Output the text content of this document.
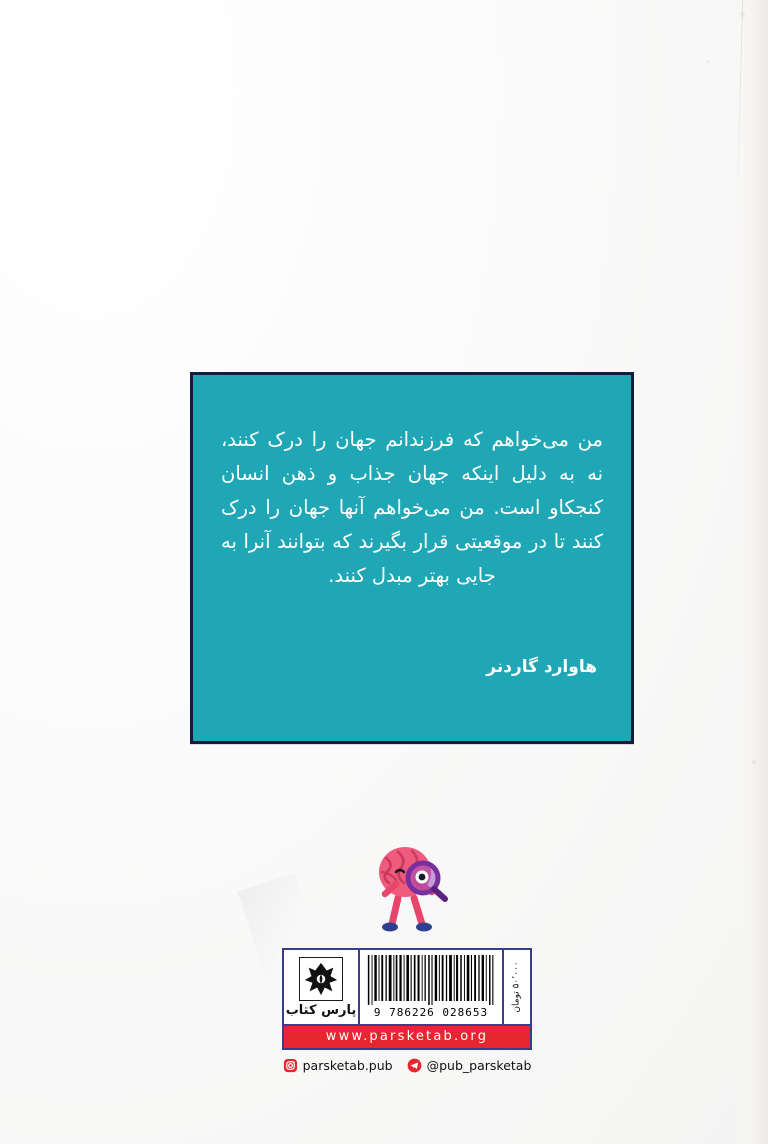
من می‌خواهم که فرزندانم جهان را درک کنند، نه به دلیل اینکه جهان جذاب و ذهن انسان کنجکاو است. من می‌خواهم آنها جهان را درک کنند تا در موقعیتی قرار بگیرند که بتوانند آنرا به جایی بهتر مبدل کنند.
هاوارد گاردنر
۵۰٬۰۰۰ تومان
9 786226 028653
پارس کتاب
www.parsketab.org
parsketab.pub	@pub_parsketab
